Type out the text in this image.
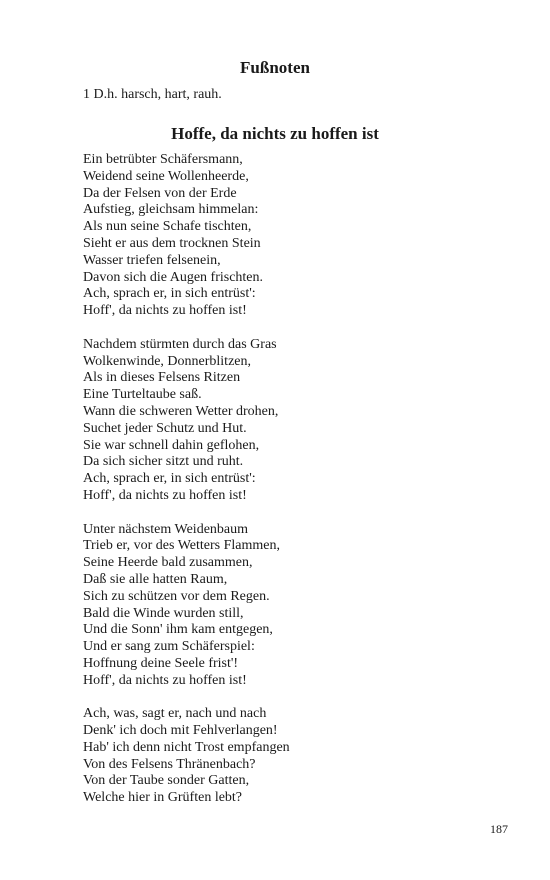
Fußnoten
1 D.h. harsch, hart, rauh.
Hoffe, da nichts zu hoffen ist
Ein betrübter Schäfersmann,
Weidend seine Wollenheerde,
Da der Felsen von der Erde
Aufstieg, gleichsam himmelan:
Als nun seine Schafe tischten,
Sieht er aus dem trocknen Stein
Wasser triefen felsenein,
Davon sich die Augen frischten.
Ach, sprach er, in sich entrüst':
Hoff', da nichts zu hoffen ist!
Nachdem stürmten durch das Gras
Wolkenwinde, Donnerblitzen,
Als in dieses Felsens Ritzen
Eine Turteltaube saß.
Wann die schweren Wetter drohen,
Suchet jeder Schutz und Hut.
Sie war schnell dahin geflohen,
Da sich sicher sitzt und ruht.
Ach, sprach er, in sich entrüst':
Hoff', da nichts zu hoffen ist!
Unter nächstem Weidenbaum
Trieb er, vor des Wetters Flammen,
Seine Heerde bald zusammen,
Daß sie alle hatten Raum,
Sich zu schützen vor dem Regen.
Bald die Winde wurden still,
Und die Sonn' ihm kam entgegen,
Und er sang zum Schäferspiel:
Hoffnung deine Seele frist'!
Hoff', da nichts zu hoffen ist!
Ach, was, sagt er, nach und nach
Denk' ich doch mit Fehlverlangen!
Hab' ich denn nicht Trost empfangen
Von des Felsens Thränenbach?
Von der Taube sonder Gatten,
Welche hier in Grüften lebt?
187
